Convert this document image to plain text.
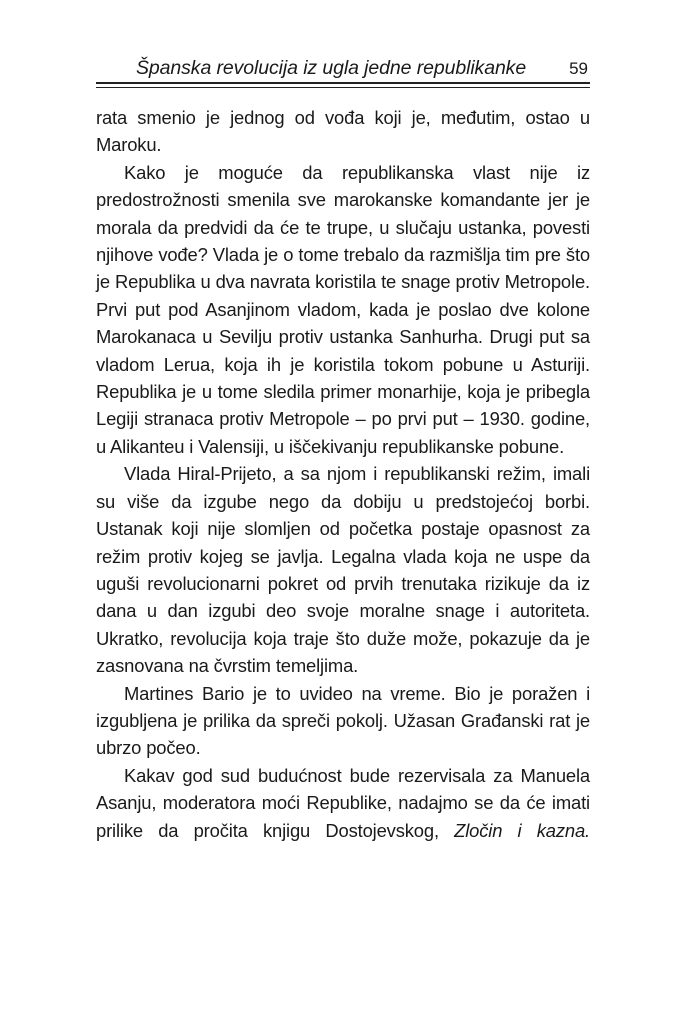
Španska revolucija iz ugla jedne republikanke	59

rata smenio je jednog od vođa koji je, međutim, ostao u Maroku.

Kako je moguće da republikanska vlast nije iz predostrožnosti smenila sve marokanske komandante jer je morala da predvidi da će te trupe, u slučaju ustanka, povesti njihove vođe? Vlada je o tome trebalo da razmišlja tim pre što je Republika u dva navrata koristila te snage protiv Metropole. Prvi put pod Asanjinom vladom, kada je poslao dve kolone Marokanaca u Sevilju protiv ustanka Sanhurha. Drugi put sa vladom Lerua, koja ih je koristila tokom pobune u Asturiji. Republika je u tome sledila primer monarhije, koja je pribegla Legiji stranaca protiv Metropole – po prvi put – 1930. godine, u Alikanteu i Valensiji, u iščekivanju republikanske pobune.

Vlada Hiral-Prijeto, a sa njom i republikanski režim, imali su više da izgube nego da dobiju u predstojećoj borbi. Ustanak koji nije slomljen od početka postaje opasnost za režim protiv kojeg se javlja. Legalna vlada koja ne uspe da uguši revolucionarni pokret od prvih trenutaka rizikuje da iz dana u dan izgubi deo svoje moralne snage i autoriteta. Ukratko, revolucija koja traje što duže može, pokazuje da je zasnovana na čvrstim temeljima.

Martines Bario je to uvideo na vreme. Bio je poražen i izgubljena je prilika da spreči pokolj. Užasan Građanski rat je ubrzo počeo.

Kakav god sud budućnost bude rezervisala za Manuela Asanju, moderatora moći Republike, nadajmo se da će imati prilike da pročita knjigu Dostojevskog, Zločin i kazna.
